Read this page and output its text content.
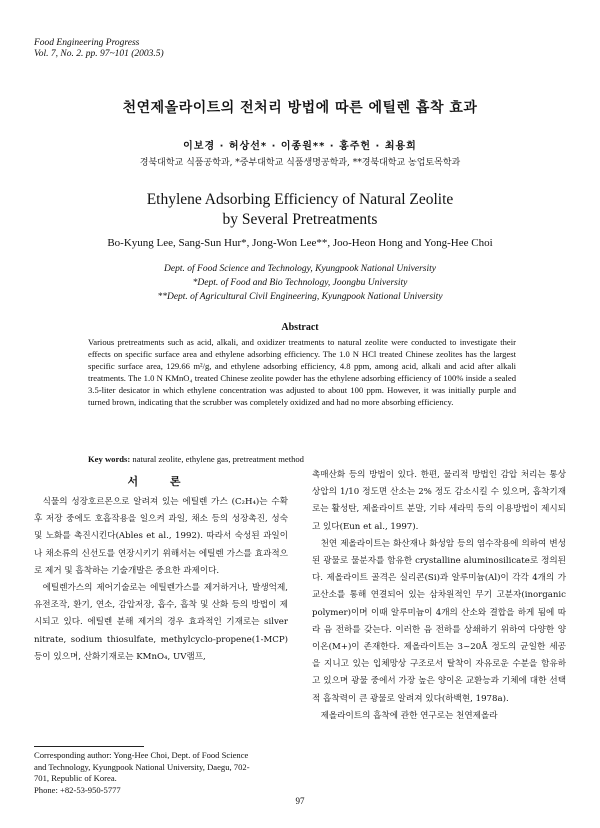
Food Engineering Progress
Vol. 7, No. 2. pp. 97~101 (2003.5)
천연제올라이트의 전처리 방법에 따른 에틸렌 흡착 효과
이보경 · 허상선* · 이종원** · 홍주헌 · 최용희
경북대학교 식품공학과, *중부대학교 식품생명공학과, **경북대학교 농업토목학과
Ethylene Adsorbing Efficiency of Natural Zeolite
by Several Pretreatments
Bo-Kyung Lee, Sang-Sun Hur*, Jong-Won Lee**, Joo-Heon Hong and Yong-Hee Choi
Dept. of Food Science and Technology, Kyungpook National University
*Dept. of Food and Bio Technology, Joongbu University
**Dept. of Agricultural Civil Engineering, Kyungpook National University
Abstract
Various pretreatments such as acid, alkali, and oxidizer treatments to natural zeolite were conducted to investigate their effects on specific surface area and ethylene adsorbing efficiency. The 1.0 N HCl treated Chinese zeolites has the largest specific surface area, 129.66 m²/g, and ethylene adsorbing efficiency, 4.8 ppm, among acid, alkali and acid after alkali treatments. The 1.0 N KMnO₄ treated Chinese zeolite powder has the ethylene adsorbing efficiency of 100% inside a sealed 3.5-liter desicator in which ethylene concentration was adjusted to about 100 ppm. However, it was initially purple and turned brown, indicating that the scrubber was completely oxidized and had no more absorbing efficiency.
Key words: natural zeolite, ethylene gas, pretreatment method
서 론

식물의 성장호르몬으로 알려져 있는 에틸렌 가스 (C₂H₄)는 수확 후 저장 중에도 호흡작용을 일으켜 과일, 채소 등의 성장촉진, 성숙 및 노화를 촉진시킨다(Ables et al., 1992). 따라서 숙성된 과일이나 채소류의 신선도를 연장시키기 위해서는 에틸렌 가스를 효과적으로 제거 및 흡착하는 기술개발은 중요한 과제이다.

에틸렌가스의 제어기술로는 에틸렌가스를 제거하거나, 발생억제, 유전조작, 환기, 연소, 감압저장, 흡수, 흡착 및 산화 등의 방법이 제시되고 있다. 에틸렌 분해 제거의 경우 효과적인 기재로는 silver nitrate, sodium thiosulfate, methylcyclo-propene(1-MCP) 등이 있으며, 산화기재로는 KMnO₄, UV램프,

촉매산화 등의 방법이 있다. 한편, 물리적 방법인 감압 처리는 통상 상압의 1/10 정도면 산소는 2% 정도 감소시킬 수 있으며, 흡착기재로는 활성탄, 제올라이트 분말, 기타 세라믹 등의 이용방법이 제시되고 있다(Eun et al., 1997).

천연 제올라이트는 화산재나 화성암 등의 염수작용에 의하여 변성된 광물로 물분자를 함유한 crystalline aluminosilicate로 정의된다. 제올라이트 골격은 실리콘(Si)과 알루미늄(Al)이 각각 4개의 가교산소를 통해 연결되어 있는 삼차원적인 무기 고분자(inorganic polymer)이며 이때 알루미늄이 4개의 산소와 결합을 하게 됨에 따라 음 전하를 갖는다. 이러한 음 전하를 상쇄하기 위하여 다양한 양이온(M+)이 존재한다. 제올라이트는 3~20Å 정도의 균일한 세공을 지니고 있는 입체망상 구조로서 탈착이 자유로운 수분을 함유하고 있으며 광물 중에서 가장 높은 양이온 교환능과 기체에 대한 선택적 흡착력이 큰 광물로 알려져 있다(하백현, 1978a).

제올라이트의 흡착에 관한 연구로는 천연제올라

Corresponding author: Yong-Hee Choi, Dept. of Food Science
and Technology, Kyungpook National University, Daegu, 702-
701, Republic of Korea.
Phone: +82-53-950-5777
97
